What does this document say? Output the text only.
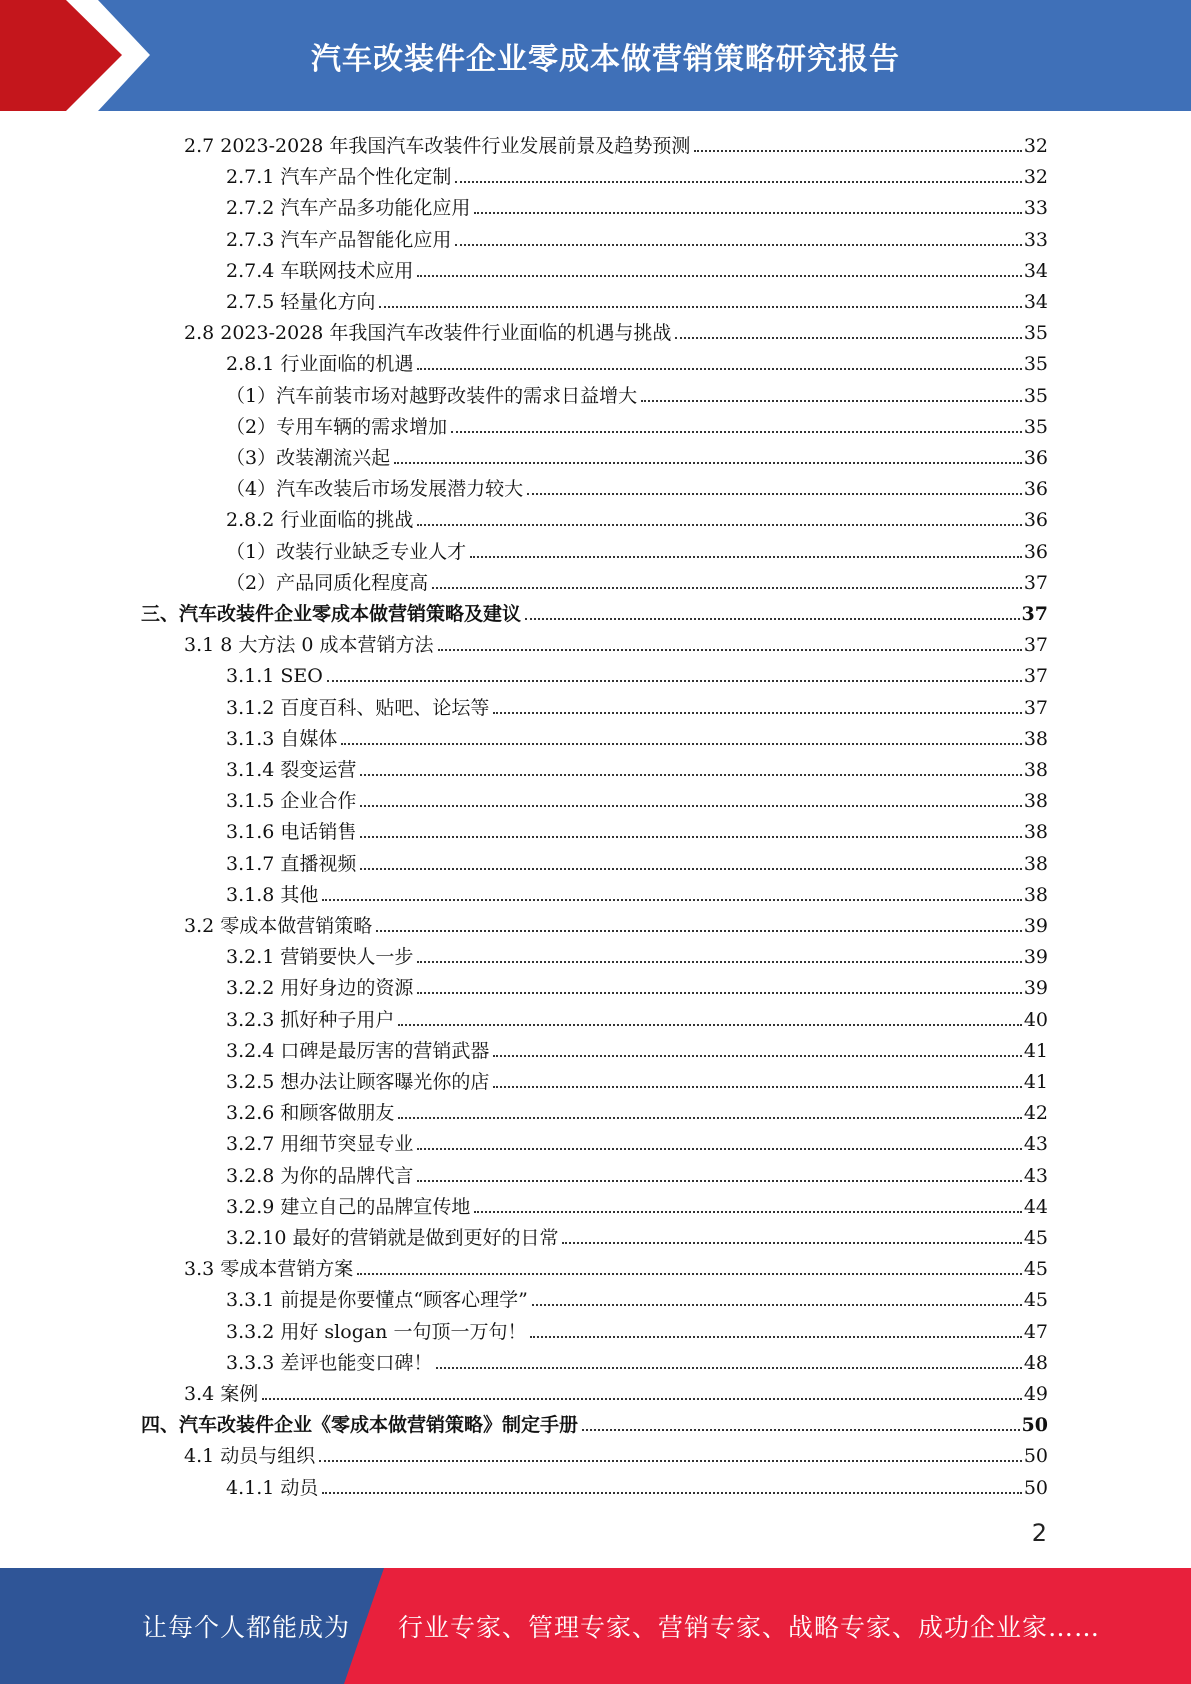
汽车改装件企业零成本做营销策略研究报告
2.7 2023-2028 年我国汽车改装件行业发展前景及趋势预测	32
2.7.1 汽车产品个性化定制	32
2.7.2 汽车产品多功能化应用	33
2.7.3 汽车产品智能化应用	33
2.7.4 车联网技术应用	34
2.7.5 轻量化方向	34
2.8 2023-2028 年我国汽车改装件行业面临的机遇与挑战	35
2.8.1 行业面临的机遇	35
（1）汽车前装市场对越野改装件的需求日益增大	35
（2）专用车辆的需求增加	35
（3）改装潮流兴起	36
（4）汽车改装后市场发展潜力较大	36
2.8.2 行业面临的挑战	36
（1）改装行业缺乏专业人才	36
（2）产品同质化程度高	37
三、汽车改装件企业零成本做营销策略及建议	37
3.1 8 大方法 0 成本营销方法	37
3.1.1 SEO	37
3.1.2 百度百科、贴吧、论坛等	37
3.1.3 自媒体	38
3.1.4 裂变运营	38
3.1.5 企业合作	38
3.1.6 电话销售	38
3.1.7 直播视频	38
3.1.8 其他	38
3.2 零成本做营销策略	39
3.2.1 营销要快人一步	39
3.2.2 用好身边的资源	39
3.2.3 抓好种子用户	40
3.2.4 口碑是最厉害的营销武器	41
3.2.5 想办法让顾客曝光你的店	41
3.2.6 和顾客做朋友	42
3.2.7 用细节突显专业	43
3.2.8 为你的品牌代言	43
3.2.9 建立自己的品牌宣传地	44
3.2.10 最好的营销就是做到更好的日常	45
3.3 零成本营销方案	45
3.3.1 前提是你要懂点“顾客心理学”	45
3.3.2 用好 slogan 一句顶一万句！	47
3.3.3 差评也能变口碑！	48
3.4 案例	49
四、汽车改装件企业《零成本做营销策略》制定手册	50
4.1 动员与组织	50
4.1.1 动员	50
2
让每个人都能成为 行业专家、管理专家、营销专家、战略专家、成功企业家……
